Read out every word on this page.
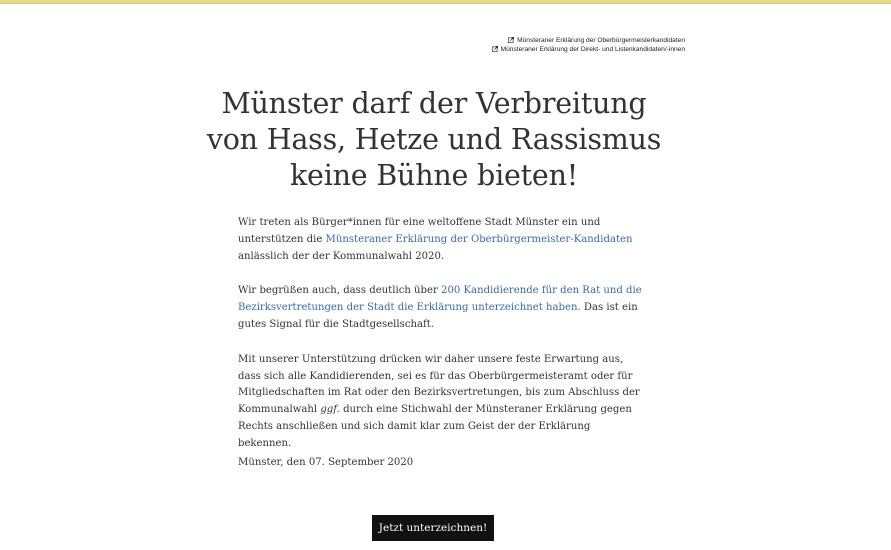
Münsteraner Erklärung der Oberbürgermeisterkandidaten
Münsteraner Erklärung der Direkt- und Listenkandidaten/-innen
Münster darf der Verbreitung von Hass, Hetze und Rassismus keine Bühne bieten!

Wir treten als Bürger*innen für eine weltoffene Stadt Münster ein und unterstützen die Münsteraner Erklärung der Oberbürgermeister-Kandidaten anlässlich der der Kommunalwahl 2020.

Wir begrüßen auch, dass deutlich über 200 Kandidierende für den Rat und die Bezirksvertretungen der Stadt die Erklärung unterzeichnet haben. Das ist ein gutes Signal für die Stadtgesellschaft.

Mit unserer Unterstützung drücken wir daher unsere feste Erwartung aus, dass sich alle Kandidierenden, sei es für das Oberbürgermeisteramt oder für Mitgliedschaften im Rat oder den Bezirksvertretungen, bis zum Abschluss der Kommunalwahl ggf. durch eine Stichwahl der Münsteraner Erklärung gegen Rechts anschließen und sich damit klar zum Geist der der Erklärung bekennen.

Münster, den 07. September 2020

Jetzt unterzeichnen!
